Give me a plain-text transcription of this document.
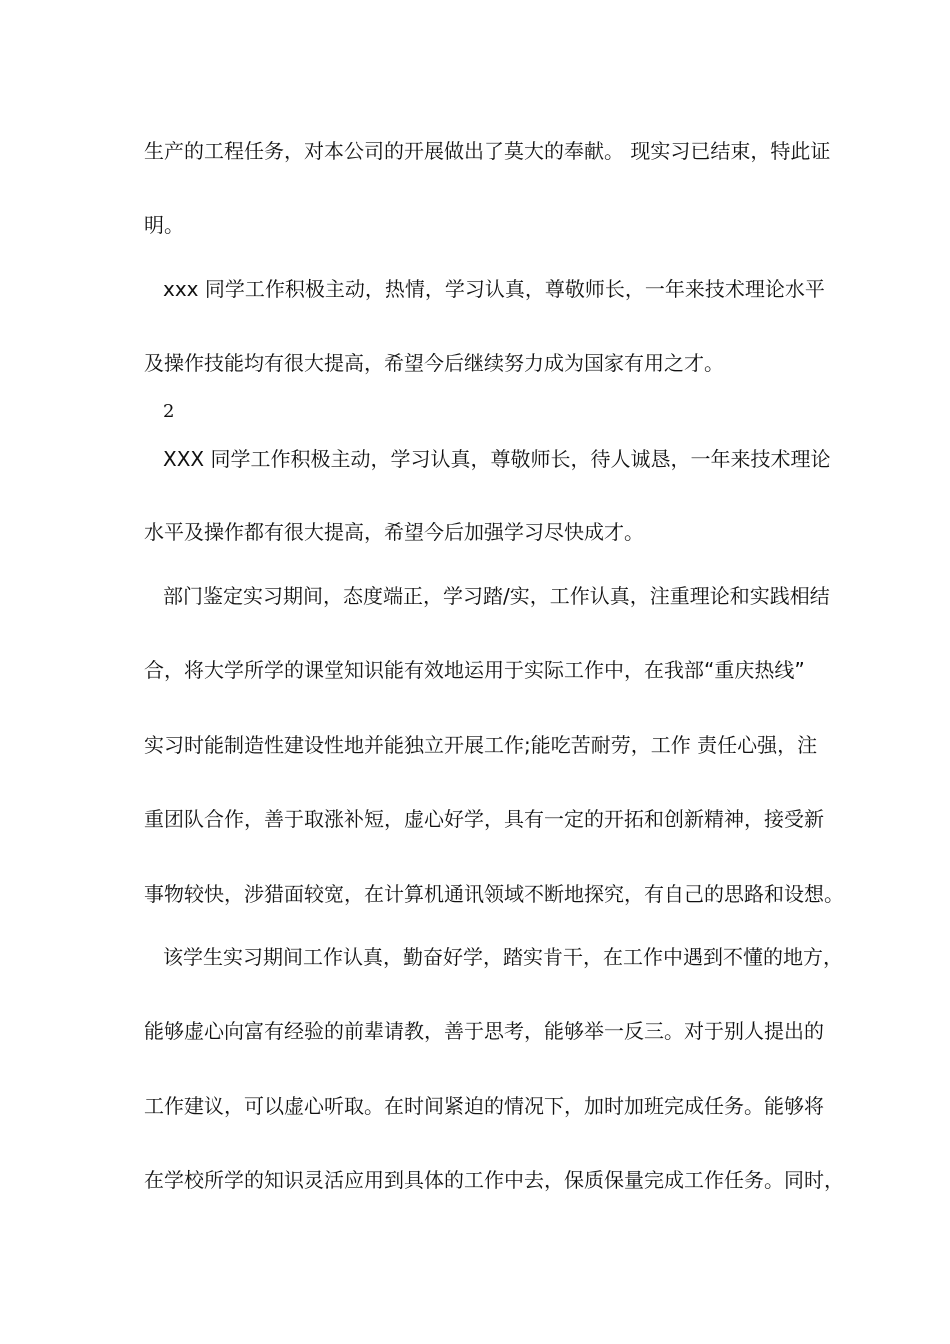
生产的工程任务，对本公司的开展做出了莫大的奉献。 现实习已结束，特此证
明。
xxx 同学工作积极主动，热情，学习认真，尊敬师长，一年来技术理论水平
及操作技能均有很大提高，希望今后继续努力成为国家有用之才。
2
XXX 同学工作积极主动，学习认真，尊敬师长，待人诚恳，一年来技术理论
水平及操作都有很大提高，希望今后加强学习尽快成才。
部门鉴定实习期间，态度端正，学习踏/实，工作认真，注重理论和实践相结
合，将大学所学的课堂知识能有效地运用于实际工作中，在我部“重庆热线”
实习时能制造性建设性地并能独立开展工作;能吃苦耐劳，工作 责任心强，注
重团队合作，善于取涨补短，虚心好学，具有一定的开拓和创新精神，接受新
事物较快，涉猎面较宽，在计算机通讯领域不断地探究，有自己的思路和设想。
该学生实习期间工作认真，勤奋好学，踏实肯干，在工作中遇到不懂的地方，
能够虚心向富有经验的前辈请教，善于思考，能够举一反三。对于别人提出的
工作建议，可以虚心听取。在时间紧迫的情况下，加时加班完成任务。能够将
在学校所学的知识灵活应用到具体的工作中去，保质保量完成工作任务。同时，
